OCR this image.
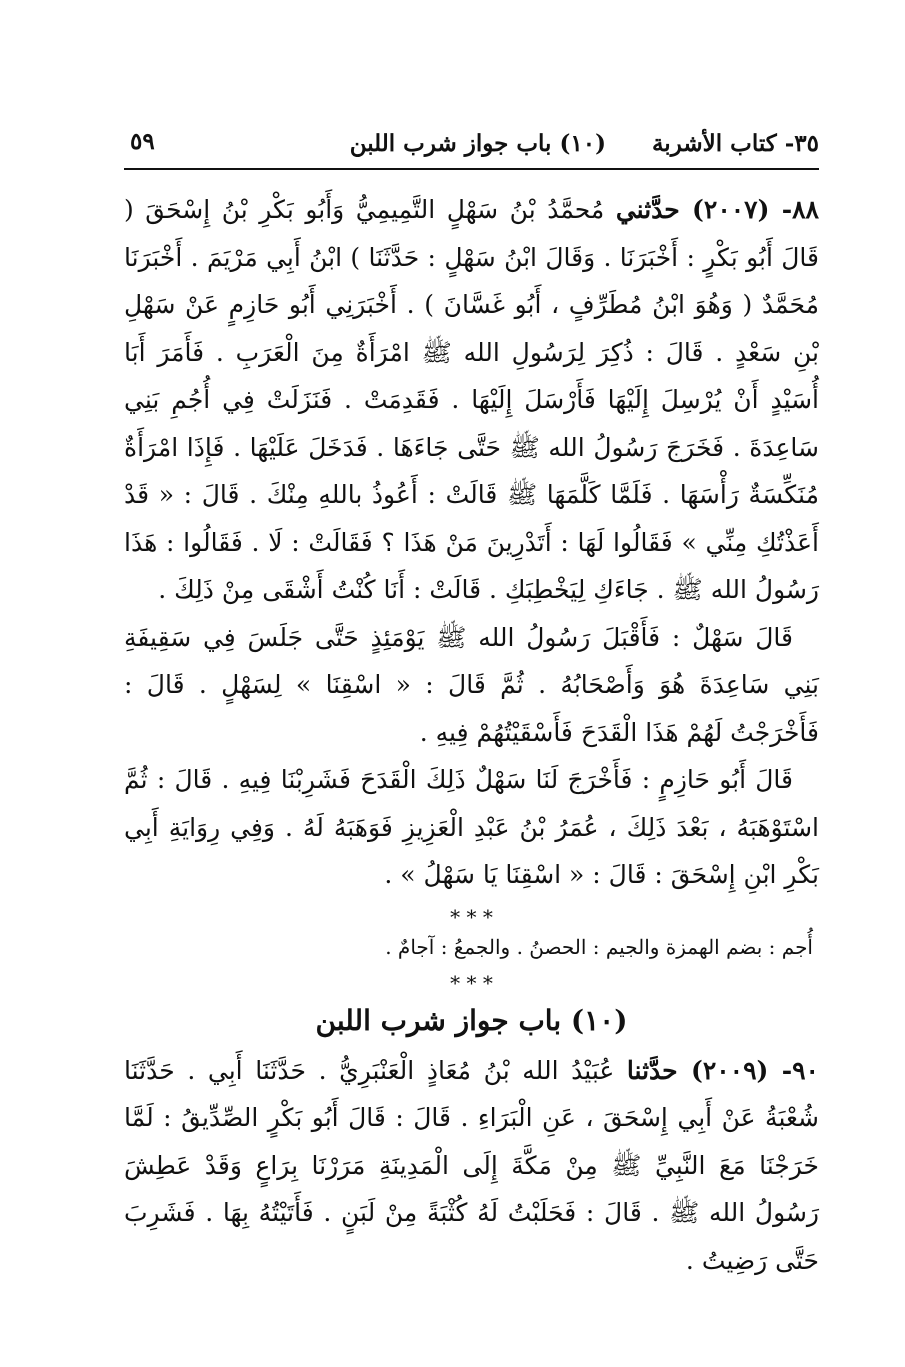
٣٥- كتاب الأشربة
(١٠) باب جواز شرب اللبن
٥٩

٨٨- (٢٠٠٧) حدَّثني مُحمَّدُ بْنُ سَهْلٍ التَّمِيمِيُّ وَأَبُو بَكْرِ بْنُ إِسْحَقَ ( قَالَ أَبُو بَكْرٍ : أَخْبَرَنَا . وَقَالَ ابْنُ سَهْلٍ : حَدَّثَنَا ) ابْنُ أَبِي مَرْيَمَ . أَخْبَرَنَا مُحَمَّدٌ ( وَهُوَ ابْنُ مُطَرِّفٍ ، أَبُو غَسَّانَ ) . أَخْبَرَنِي أَبُو حَازِمٍ عَنْ سَهْلِ بْنِ سَعْدٍ . قَالَ : ذُكِرَ لِرَسُولِ الله ﷺ امْرَأَةٌ مِنَ الْعَرَبِ . فَأَمَرَ أَبَا أُسَيْدٍ أَنْ يُرْسِلَ إِلَيْهَا فَأَرْسَلَ إِلَيْهَا . فَقَدِمَتْ . فَنَزَلَتْ فِي أُجُمِ بَنِي سَاعِدَةَ . فَخَرَجَ رَسُولُ الله ﷺ حَتَّى جَاءَهَا . فَدَخَلَ عَلَيْهَا . فَإِذَا امْرَأَةٌ مُنَكِّسَةٌ رَأْسَهَا . فَلَمَّا كَلَّمَهَا ﷺ قَالَتْ : أَعُوذُ باللهِ مِنْكَ . قَالَ : « قَدْ أَعَذْتُكِ مِنِّي » فَقَالُوا لَهَا : أَتَدْرِينَ مَنْ هَذَا ؟ فَقَالَتْ : لَا . فَقَالُوا : هَذَا رَسُولُ الله ﷺ . جَاءَكِ لِيَخْطِبَكِ . قَالَتْ : أَنَا كُنْتُ أَشْقَى مِنْ ذَلِكَ .

قَالَ سَهْلٌ : فَأَقْبَلَ رَسُولُ الله ﷺ يَوْمَئِذٍ حَتَّى جَلَسَ فِي سَقِيفَةِ بَنِي سَاعِدَةَ هُوَ وَأَصْحَابُهُ . ثُمَّ قَالَ : « اسْقِنَا » لِسَهْلٍ . قَالَ : فَأَخْرَجْتُ لَهُمْ هَذَا الْقَدَحَ فَأَسْقَيْتُهُمْ فِيهِ .

قَالَ أَبُو حَازِمٍ : فَأَخْرَجَ لَنَا سَهْلٌ ذَلِكَ الْقَدَحَ فَشَرِبْنَا فِيهِ . قَالَ : ثُمَّ اسْتَوْهَبَهُ ، بَعْدَ ذَلِكَ ، عُمَرُ بْنُ عَبْدِ الْعَزِيزِ فَوَهَبَهُ لَهُ . وَفِي رِوَايَةِ أَبِي بَكْرِ ابْنِ إِسْحَقَ : قَالَ : « اسْقِنَا يَا سَهْلُ » .

* * *
أُجم : بضم الهمزة والجيم : الحصنُ . والجمعُ : آجامٌ .
* * *
(١٠) باب جواز شرب اللبن

٩٠- (٢٠٠٩) حدَّثنا عُبَيْدُ الله بْنُ مُعَاذٍ الْعَنْبَرِيُّ . حَدَّثَنَا أَبِي . حَدَّثَنَا شُعْبَةُ عَنْ أَبِي إِسْحَقَ ، عَنِ الْبَرَاءِ . قَالَ : قَالَ أَبُو بَكْرٍ الصِّدِّيقُ : لَمَّا خَرَجْنَا مَعَ النَّبِيِّ ﷺ مِنْ مَكَّةَ إِلَى الْمَدِينَةِ مَرَرْنَا بِرَاعٍ وَقَدْ عَطِشَ رَسُولُ الله ﷺ . قَالَ : فَحَلَبْتُ لَهُ كُثْبَةً مِنْ لَبَنٍ . فَأَتَيْتُهُ بِهَا . فَشَرِبَ حَتَّى رَضِيتُ .
